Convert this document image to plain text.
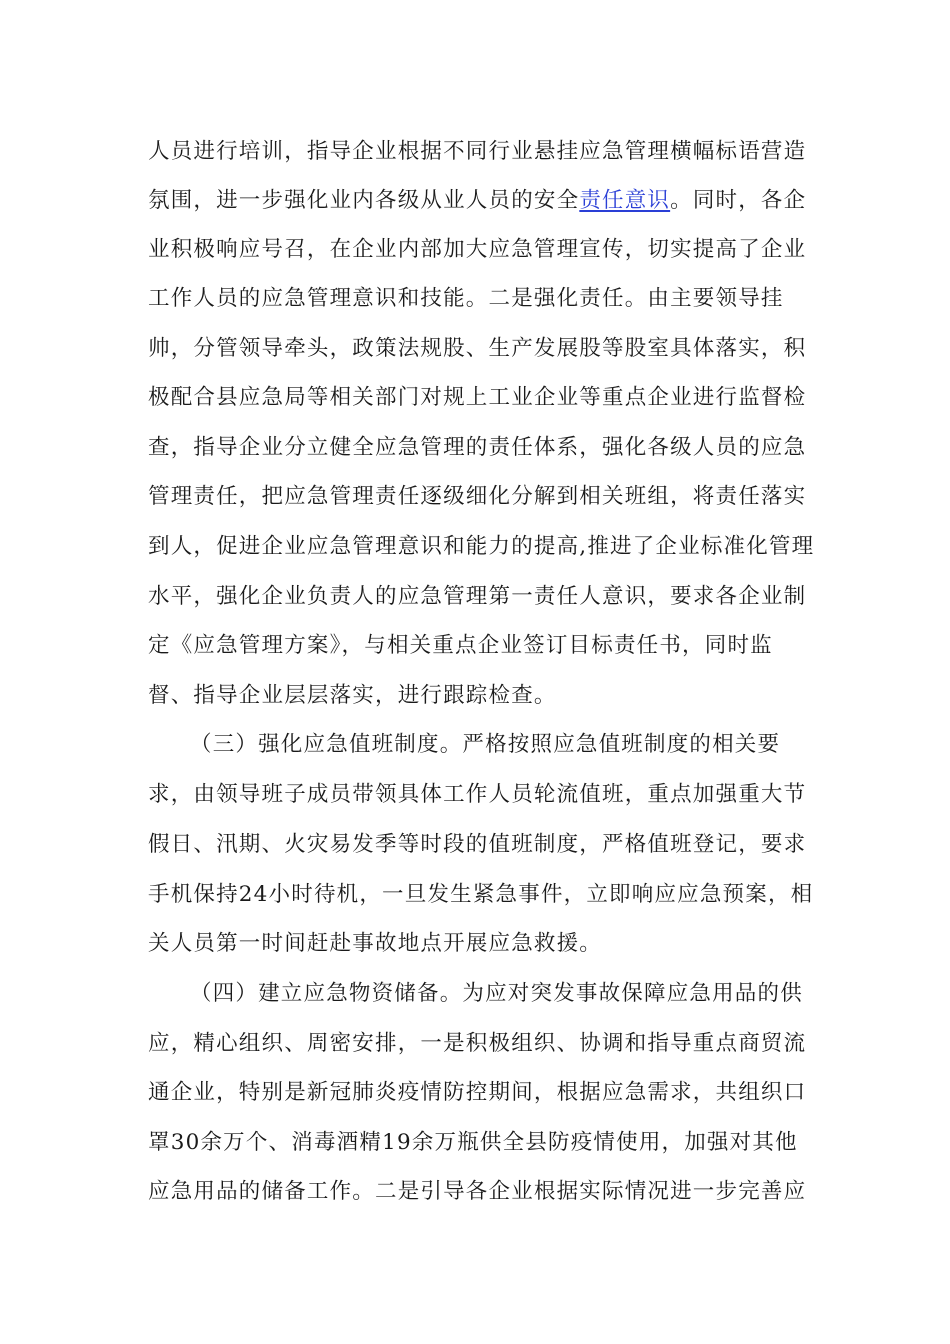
人员进行培训，指导企业根据不同行业悬挂应急管理横幅标语营造
氛围，进一步强化业内各级从业人员的安全责任意识。同时，各企
业积极响应号召，在企业内部加大应急管理宣传，切实提高了企业
工作人员的应急管理意识和技能。二是强化责任。由主要领导挂
帅，分管领导牵头，政策法规股、生产发展股等股室具体落实，积
极配合县应急局等相关部门对规上工业企业等重点企业进行监督检
查，指导企业分立健全应急管理的责任体系，强化各级人员的应急
管理责任，把应急管理责任逐级细化分解到相关班组，将责任落实
到人，促进企业应急管理意识和能力的提高,推进了企业标准化管理
水平，强化企业负责人的应急管理第一责任人意识，要求各企业制
定《应急管理方案》，与相关重点企业签订目标责任书，同时监
督、指导企业层层落实，进行跟踪检查。
（三）强化应急值班制度。严格按照应急值班制度的相关要
求，由领导班子成员带领具体工作人员轮流值班，重点加强重大节
假日、汛期、火灾易发季等时段的值班制度，严格值班登记，要求
手机保持24小时待机，一旦发生紧急事件，立即响应应急预案，相
关人员第一时间赶赴事故地点开展应急救援。
（四）建立应急物资储备。为应对突发事故保障应急用品的供
应，精心组织、周密安排，一是积极组织、协调和指导重点商贸流
通企业，特别是新冠肺炎疫情防控期间，根据应急需求，共组织口
罩30余万个、消毒酒精19余万瓶供全县防疫情使用，加强对其他
应急用品的储备工作。二是引导各企业根据实际情况进一步完善应
